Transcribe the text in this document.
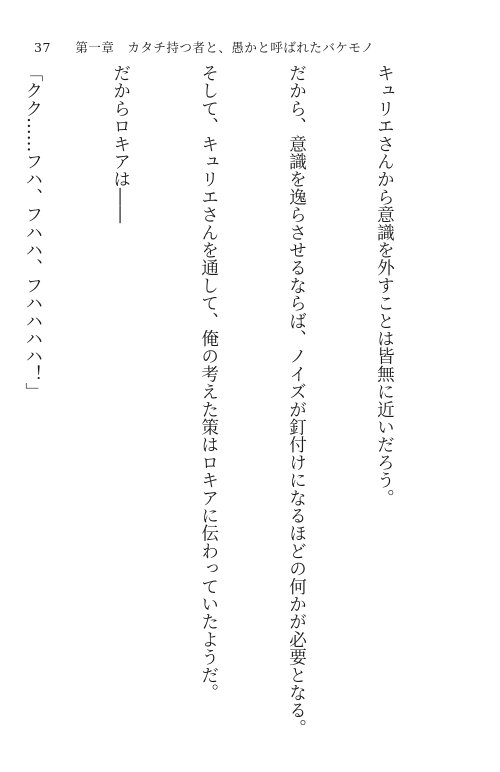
37 第一章　カタチ持つ者と、愚かと呼ばれたバケモノ

キュリエさんから意識を外すことは皆無に近いだろう。

だから、意識を逸らさせるならば、ノイズが釘付けになるほどの何かが必要となる。

そして、キュリエさんを通して、俺の考えた策はロキアに伝わっていたようだ。

だからロキアは――

「クク……フハ、フハハ、フハハハハ！」
